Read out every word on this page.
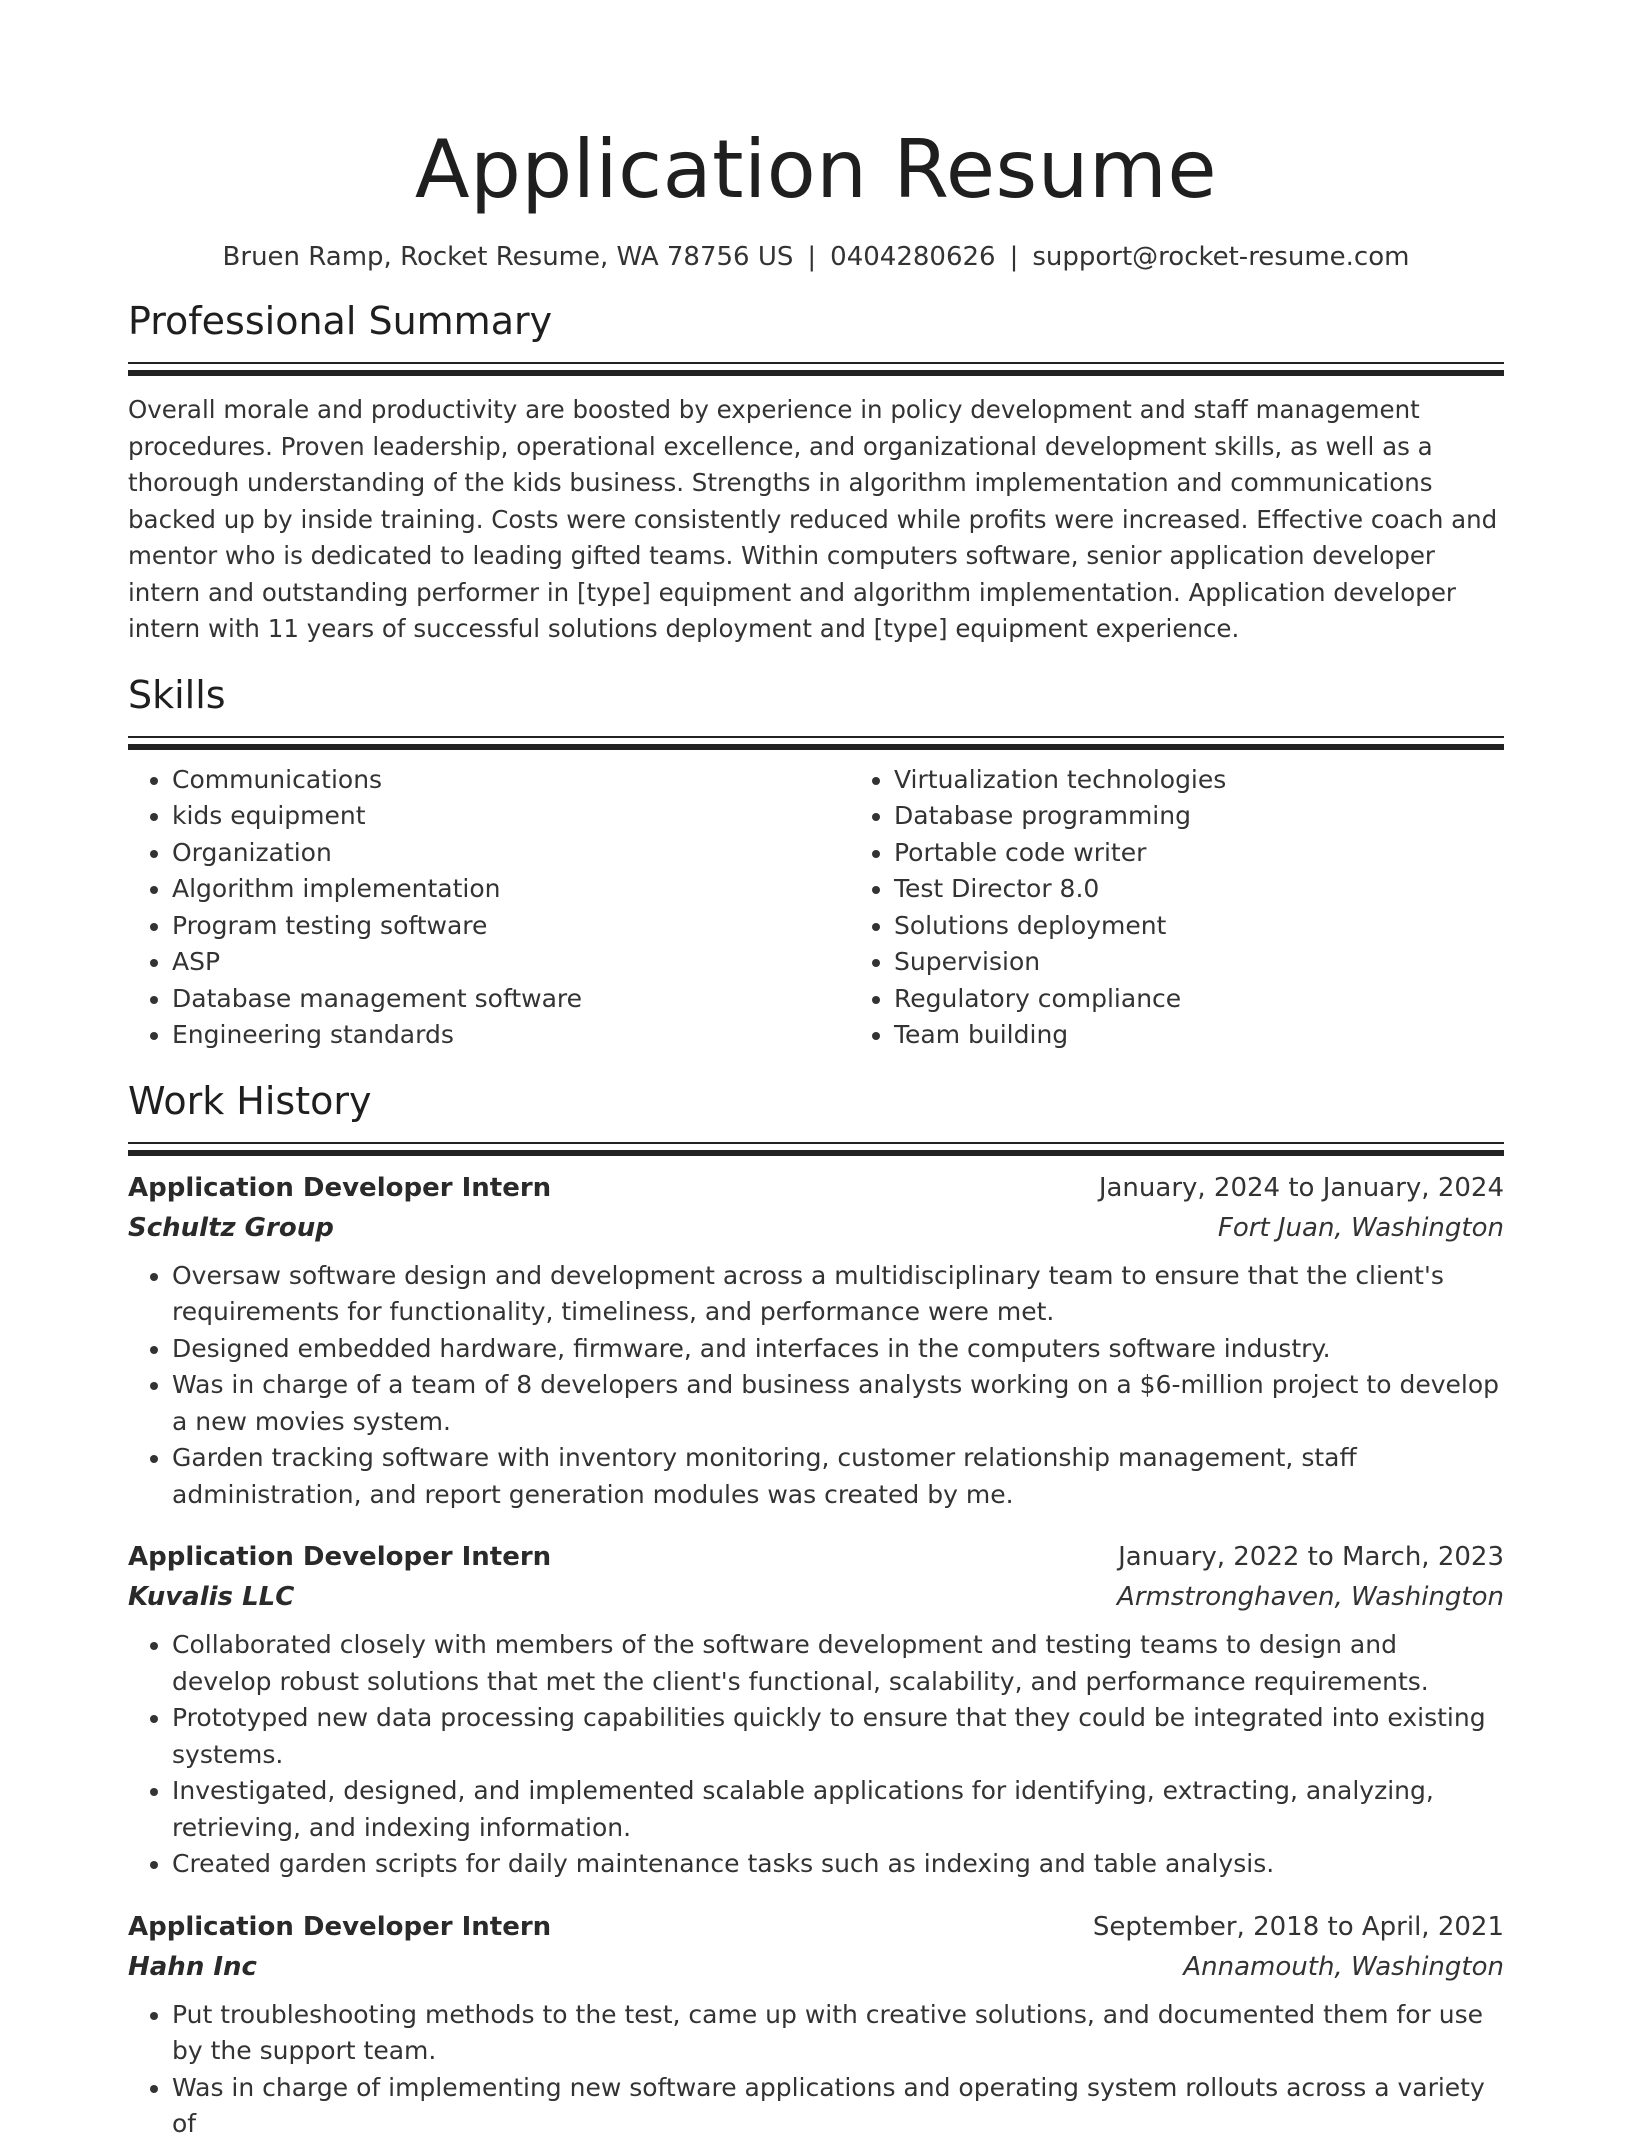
Application Resume
Bruen Ramp, Rocket Resume, WA 78756 US | 0404280626 | support@rocket-resume.com
Professional Summary

Overall morale and productivity are boosted by experience in policy development and staff management procedures. Proven leadership, operational excellence, and organizational development skills, as well as a thorough understanding of the kids business. Strengths in algorithm implementation and communications backed up by inside training. Costs were consistently reduced while profits were increased. Effective coach and mentor who is dedicated to leading gifted teams. Within computers software, senior application developer intern and outstanding performer in [type] equipment and algorithm implementation. Application developer intern with 11 years of successful solutions deployment and [type] equipment experience.

Skills
• Communications
• kids equipment
• Organization
• Algorithm implementation
• Program testing software
• ASP
• Database management software
• Engineering standards
• Virtualization technologies
• Database programming
• Portable code writer
• Test Director 8.0
• Solutions deployment
• Supervision
• Regulatory compliance
• Team building
Work History
Application Developer Intern	January, 2024 to January, 2024
Schultz Group	Fort Juan, Washington
• Oversaw software design and development across a multidisciplinary team to ensure that the client's requirements for functionality, timeliness, and performance were met.
• Designed embedded hardware, firmware, and interfaces in the computers software industry.
• Was in charge of a team of 8 developers and business analysts working on a $6-million project to develop a new movies system.
• Garden tracking software with inventory monitoring, customer relationship management, staff administration, and report generation modules was created by me.
Application Developer Intern	January, 2022 to March, 2023
Kuvalis LLC	Armstronghaven, Washington
• Collaborated closely with members of the software development and testing teams to design and develop robust solutions that met the client's functional, scalability, and performance requirements.
• Prototyped new data processing capabilities quickly to ensure that they could be integrated into existing systems.
• Investigated, designed, and implemented scalable applications for identifying, extracting, analyzing, retrieving, and indexing information.
• Created garden scripts for daily maintenance tasks such as indexing and table analysis.
Application Developer Intern	September, 2018 to April, 2021
Hahn Inc	Annamouth, Washington
• Put troubleshooting methods to the test, came up with creative solutions, and documented them for use by the support team.
• Was in charge of implementing new software applications and operating system rollouts across a variety of
